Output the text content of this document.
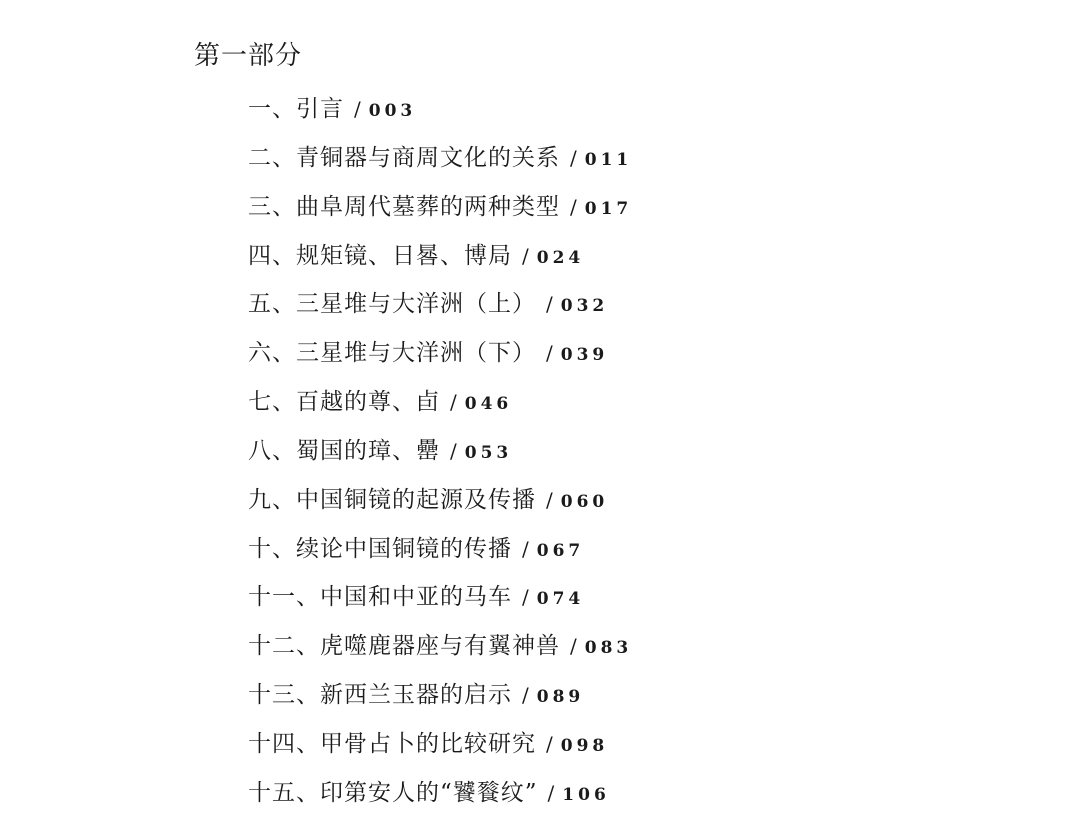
第一部分
一、引言 / 003
二、青铜器与商周文化的关系 / 011
三、曲阜周代墓葬的两种类型 / 017
四、规矩镜、日晷、博局 / 024
五、三星堆与大洋洲（上） / 032
六、三星堆与大洋洲（下） / 039
七、百越的尊、卣 / 046
八、蜀国的璋、罍 / 053
九、中国铜镜的起源及传播 / 060
十、续论中国铜镜的传播 / 067
十一、中国和中亚的马车 / 074
十二、虎噬鹿器座与有翼神兽 / 083
十三、新西兰玉器的启示 / 089
十四、甲骨占卜的比较研究 / 098
十五、印第安人的“饕餮纹” / 106
